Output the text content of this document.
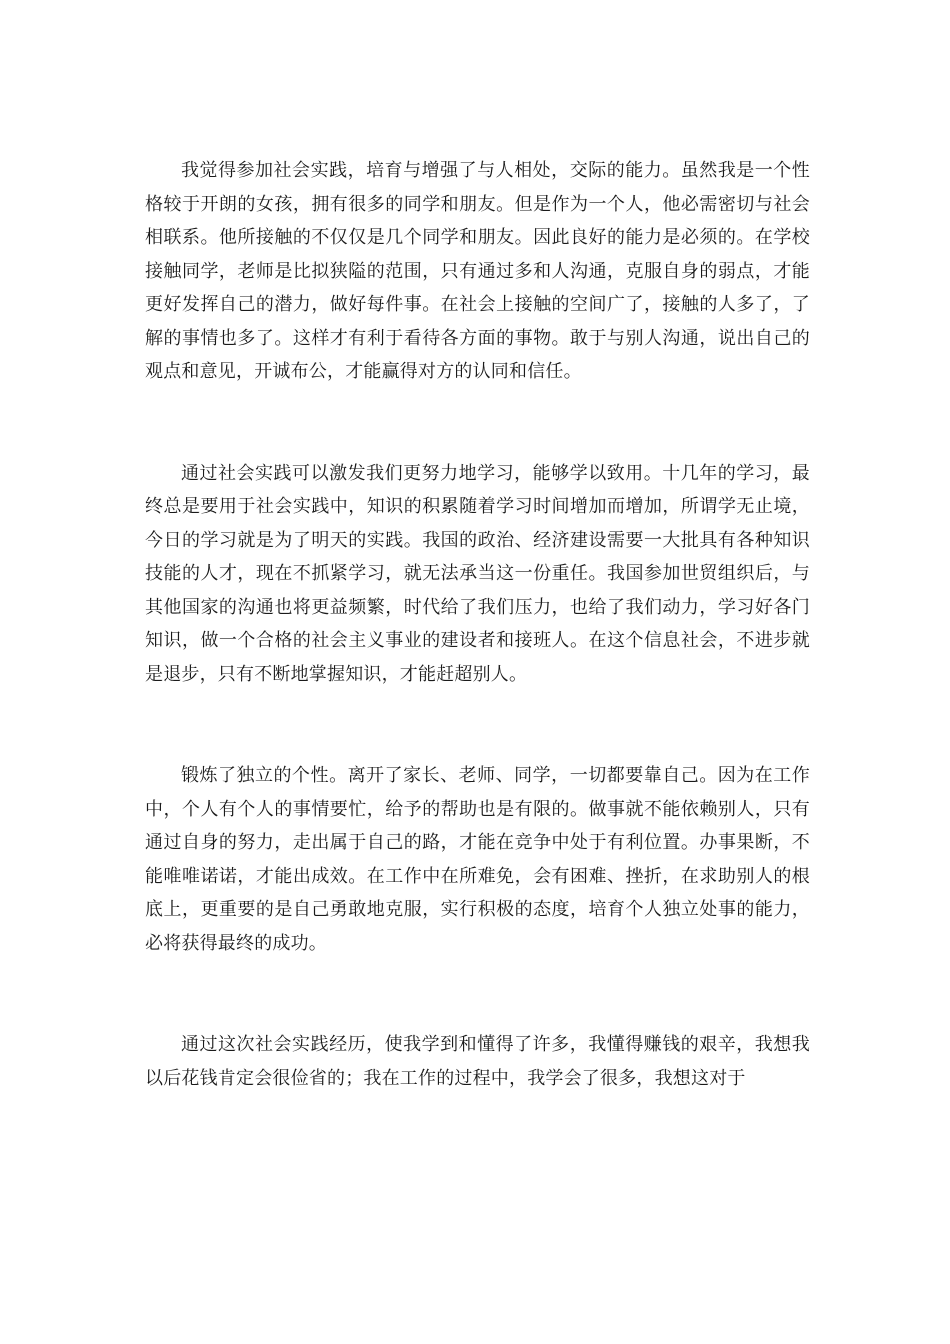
我觉得参加社会实践，培育与增强了与人相处，交际的能力。虽然我是一个性格较于开朗的女孩，拥有很多的同学和朋友。但是作为一个人，他必需密切与社会相联系。他所接触的不仅仅是几个同学和朋友。因此良好的能力是必须的。在学校接触同学，老师是比拟狭隘的范围，只有通过多和人沟通，克服自身的弱点，才能更好发挥自己的潜力，做好每件事。在社会上接触的空间广了，接触的人多了，了解的事情也多了。这样才有利于看待各方面的事物。敢于与别人沟通，说出自己的观点和意见，开诚布公，才能赢得对方的认同和信任。

通过社会实践可以激发我们更努力地学习，能够学以致用。十几年的学习，最终总是要用于社会实践中，知识的积累随着学习时间增加而增加，所谓学无止境，今日的学习就是为了明天的实践。我国的政治、经济建设需要一大批具有各种知识技能的人才，现在不抓紧学习，就无法承当这一份重任。我国参加世贸组织后，与其他国家的沟通也将更益频繁，时代给了我们压力，也给了我们动力，学习好各门知识，做一个合格的社会主义事业的建设者和接班人。在这个信息社会，不进步就是退步，只有不断地掌握知识，才能赶超别人。

锻炼了独立的个性。离开了家长、老师、同学，一切都要靠自己。因为在工作中，个人有个人的事情要忙，给予的帮助也是有限的。做事就不能依赖别人，只有通过自身的努力，走出属于自己的路，才能在竞争中处于有利位置。办事果断，不能唯唯诺诺，才能出成效。在工作中在所难免，会有困难、挫折，在求助别人的根底上，更重要的是自己勇敢地克服，实行积极的态度，培育个人独立处事的能力，必将获得最终的成功。

通过这次社会实践经历，使我学到和懂得了许多，我懂得赚钱的艰辛，我想我以后花钱肯定会很俭省的；我在工作的过程中，我学会了很多，我想这对于
